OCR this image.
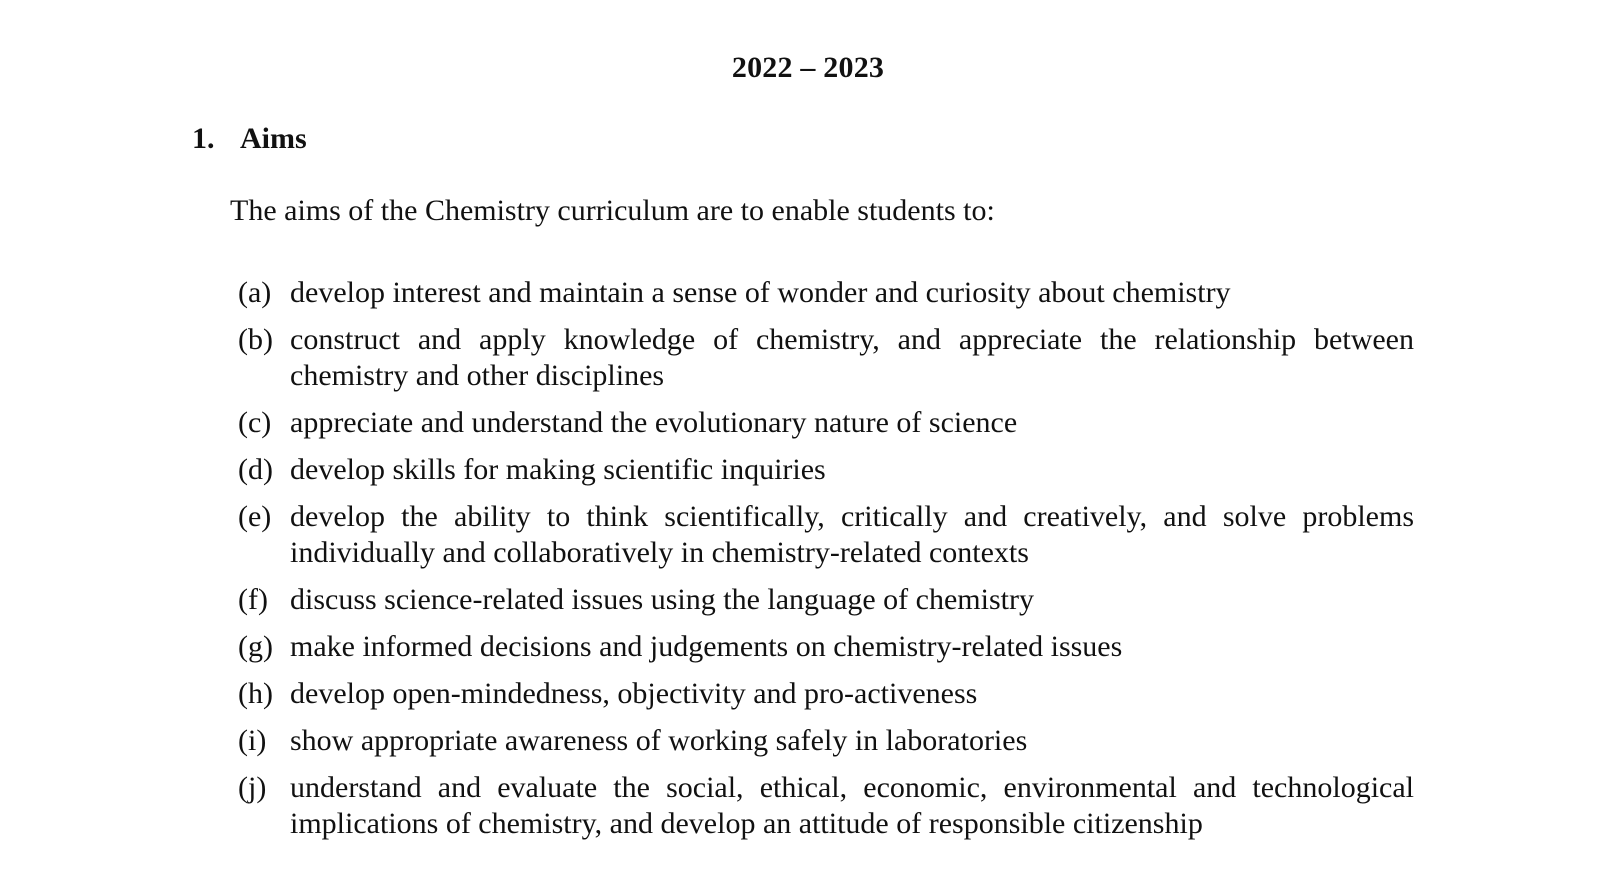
2022 – 2023
1. Aims
The aims of the Chemistry curriculum are to enable students to:
(a) develop interest and maintain a sense of wonder and curiosity about chemistry
(b) construct and apply knowledge of chemistry, and appreciate the relationship between chemistry and other disciplines
(c) appreciate and understand the evolutionary nature of science
(d) develop skills for making scientific inquiries
(e) develop the ability to think scientifically, critically and creatively, and solve problems individually and collaboratively in chemistry-related contexts
(f) discuss science-related issues using the language of chemistry
(g) make informed decisions and judgements on chemistry-related issues
(h) develop open-mindedness, objectivity and pro-activeness
(i) show appropriate awareness of working safely in laboratories
(j) understand and evaluate the social, ethical, economic, environmental and technological implications of chemistry, and develop an attitude of responsible citizenship
